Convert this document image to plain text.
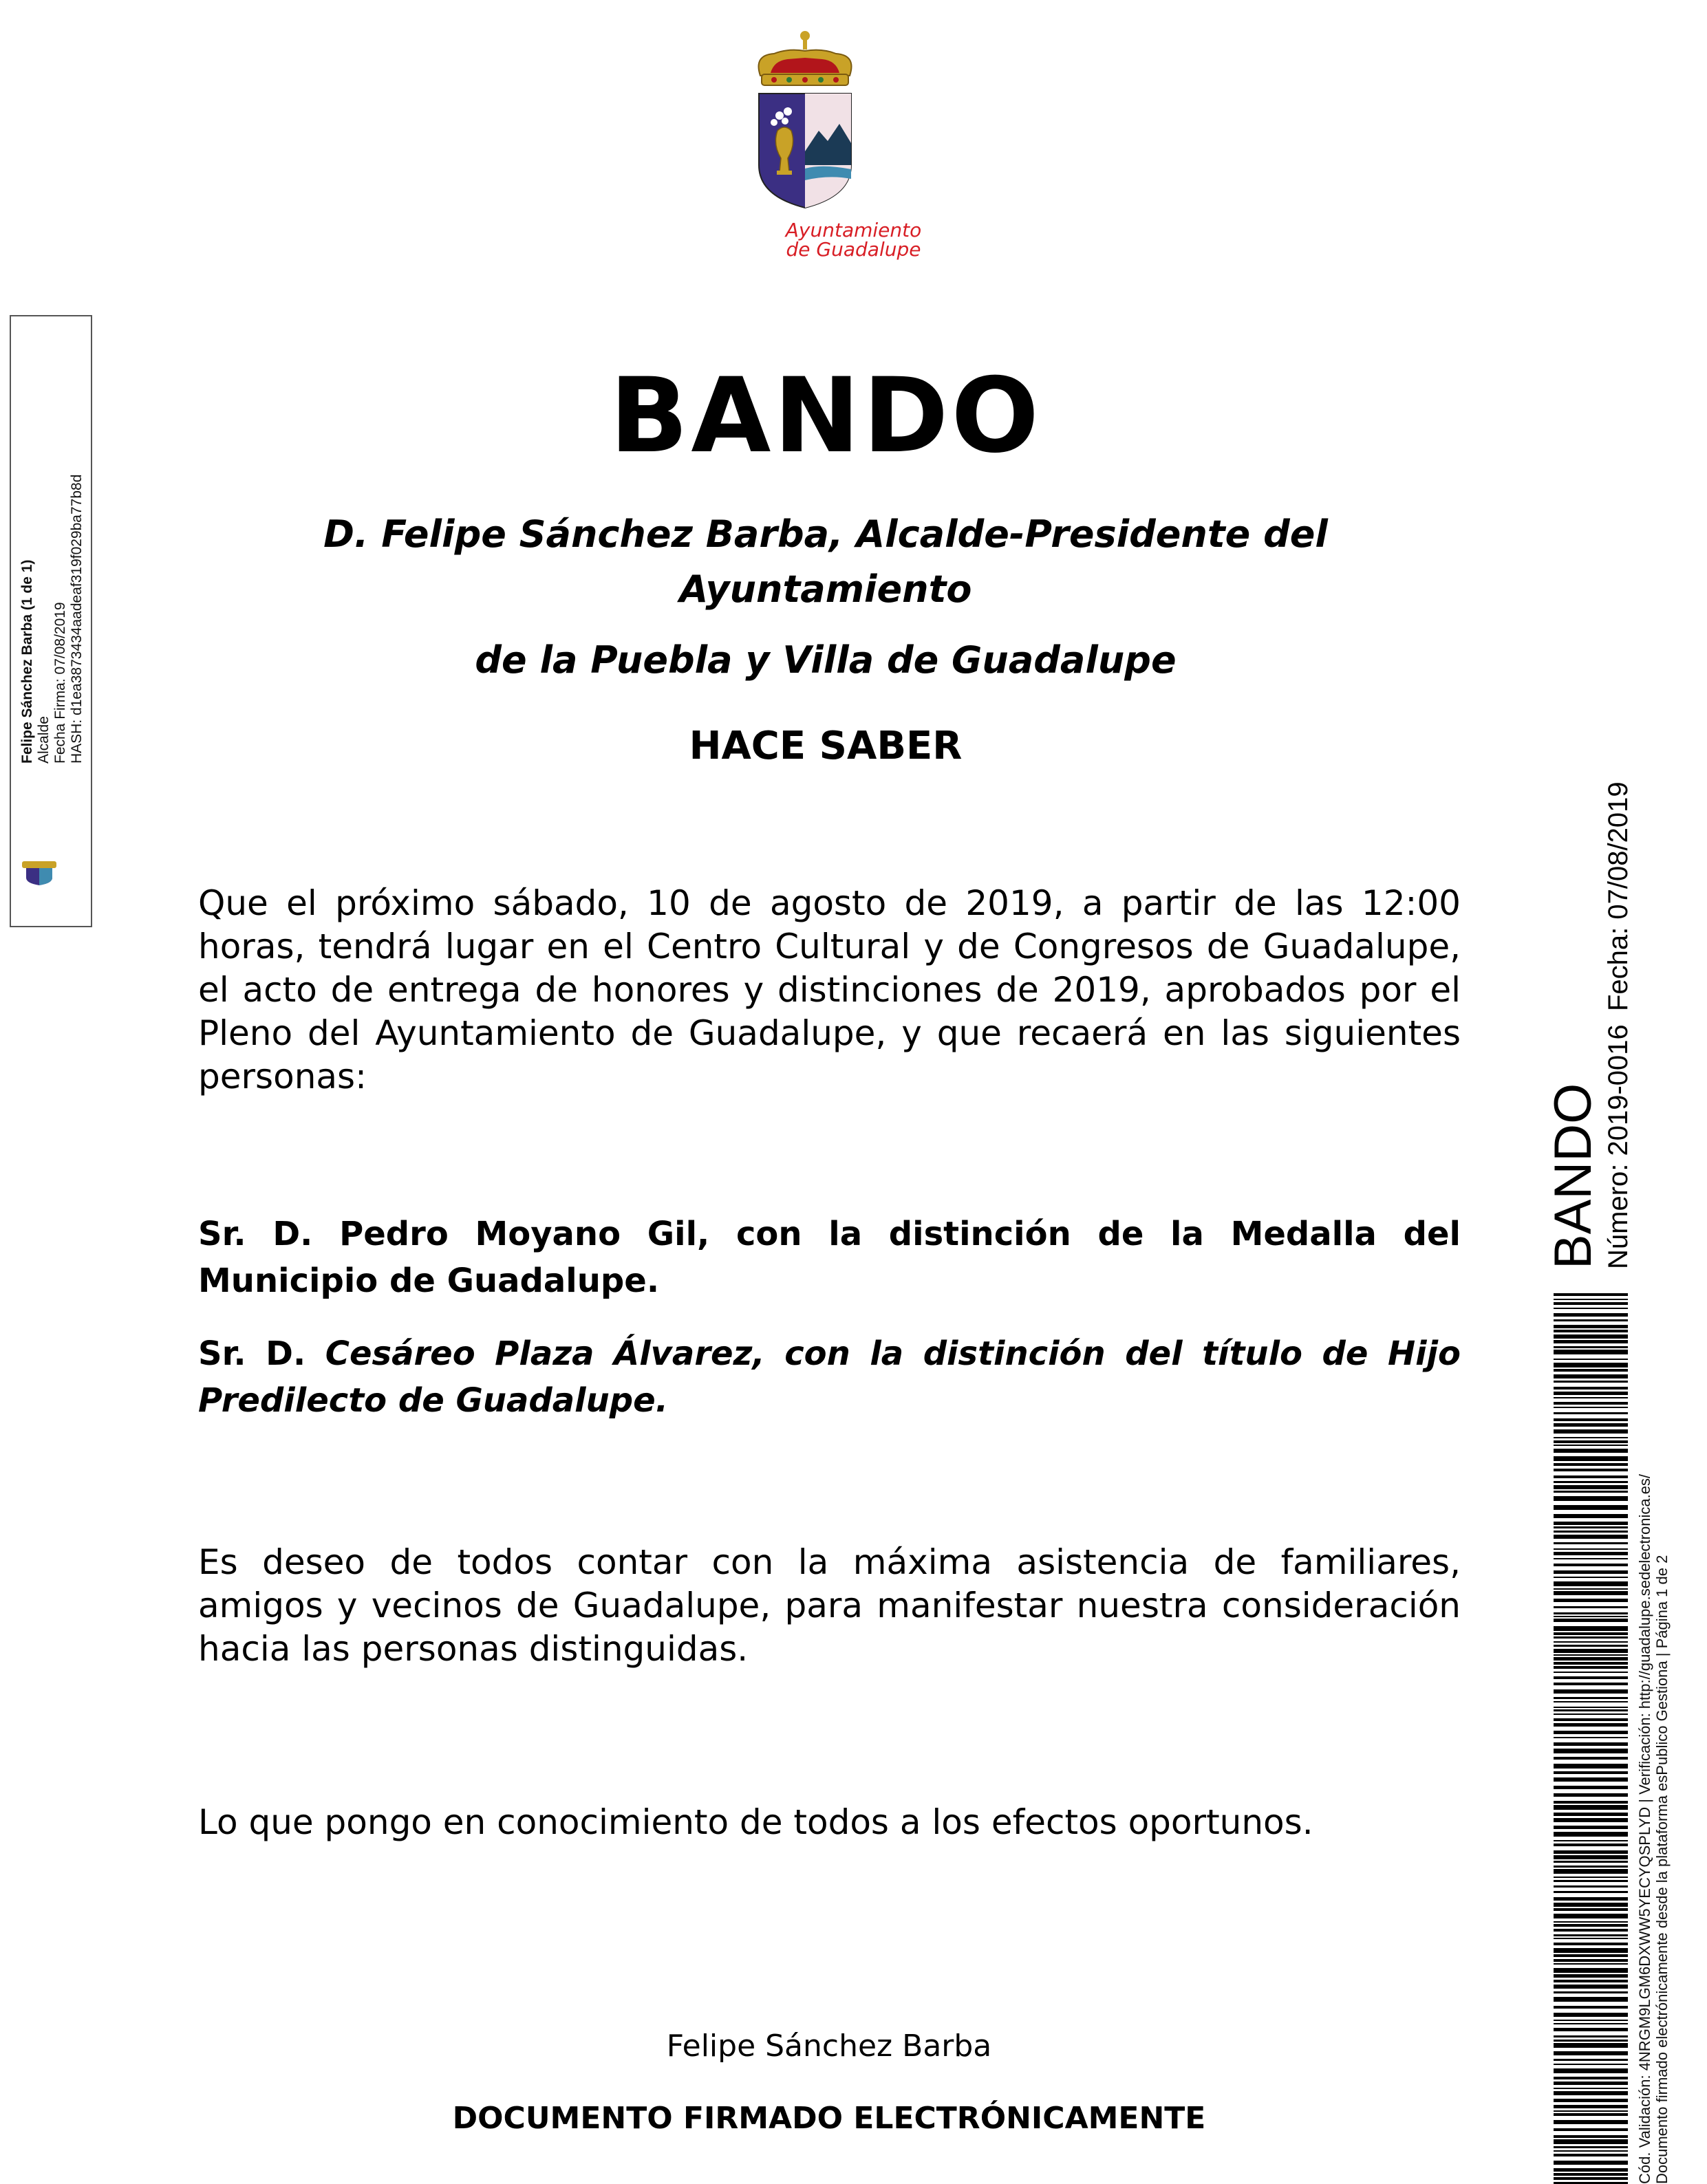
Ayuntamiento
de Guadalupe
Felipe Sánchez Barba (1 de 1) Alcalde Fecha Firma: 07/08/2019 HASH: d1ea3873434aadeaf319f029ba77b8d
BANDO
D. Felipe Sánchez Barba, Alcalde-Presidente del
Ayuntamiento
de la Puebla y Villa de Guadalupe
HACE SABER

Que el próximo sábado, 10 de agosto de 2019, a partir de las 12:00 horas, tendrá lugar en el Centro Cultural y de Congresos de Guadalupe, el acto de entrega de honores y distinciones de 2019, aprobados por el Pleno del Ayuntamiento de Guadalupe, y que recaerá en las siguientes personas:

Sr. D. Pedro Moyano Gil, con la distinción de la Medalla del Municipio de Guadalupe.

Sr. D. Cesáreo Plaza Álvarez, con la distinción del título de Hijo Predilecto de Guadalupe.

Es deseo de todos contar con la máxima asistencia de familiares, amigos y vecinos de Guadalupe, para manifestar nuestra consideración hacia las personas distinguidas.

Lo que pongo en conocimiento de todos a los efectos oportunos.

Felipe Sánchez Barba
DOCUMENTO FIRMADO ELECTRÓNICAMENTE
BANDO Número: 2019-0016
Fecha: 07/08/2019
Cód. Validación: 4NRGM9LGM6DXWW5YECYQSPLYD | Verificación: http://guadalupe.sedelectronica.es/ Documento firmado electrónicamente desde la plataforma esPublico Gestiona | Página 1 de 2
